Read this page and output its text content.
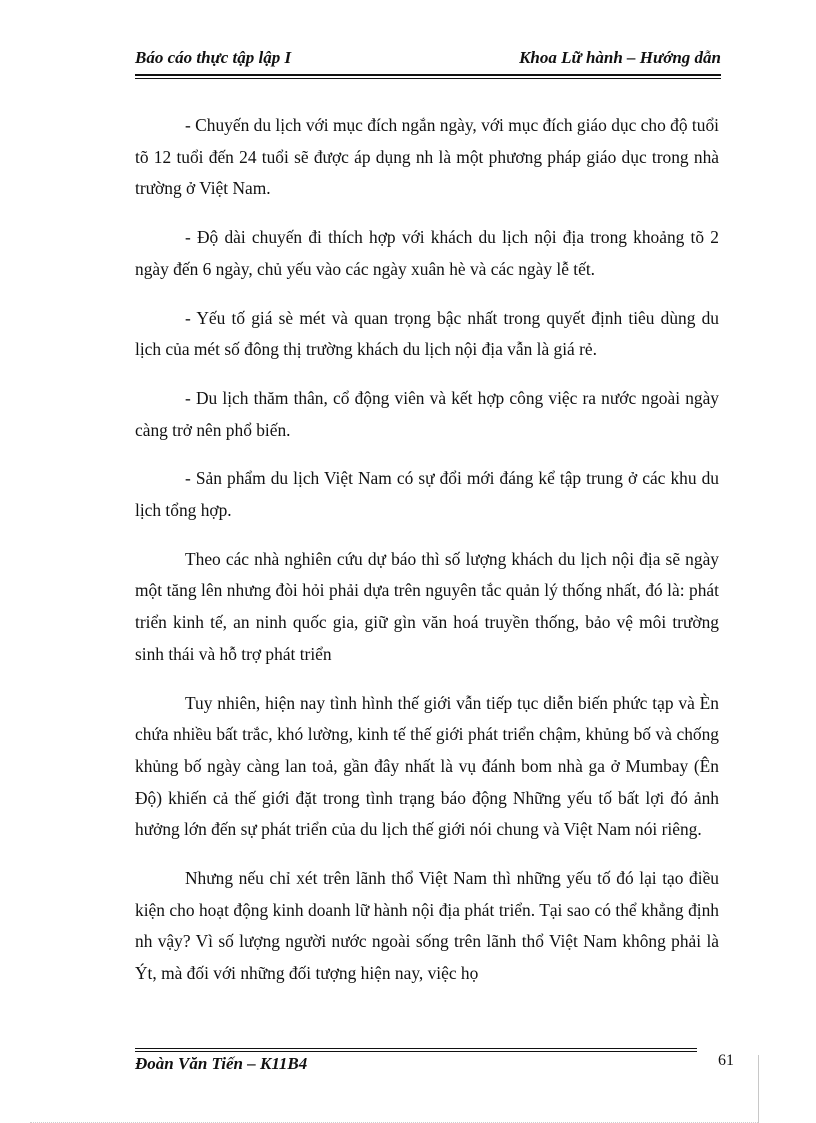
Báo cáo thực tập lập I	Khoa Lữ hành – Hướng dẫn

- Chuyến du lịch với mục đích ngắn ngày, với mục đích giáo dục cho độ tuổi tõ 12 tuổi đến 24 tuổi sẽ được áp dụng nh là một phương pháp giáo dục trong nhà trường ở Việt Nam.

- Độ dài chuyến đi thích hợp với khách du lịch nội địa trong khoảng tõ 2 ngày đến 6 ngày, chủ yếu vào các ngày xuân hè và các ngày lễ tết.

- Yếu tố giá sè mét và quan trọng bậc nhất trong quyết định tiêu dùng du lịch của mét số đông thị trường khách du lịch nội địa vẫn là giá rẻ.

- Du lịch thăm thân, cổ động viên và kết hợp công việc ra nước ngoài ngày càng trở nên phổ biến.

- Sản phẩm du lịch Việt Nam có sự đổi mới đáng kể tập trung ở các khu du lịch tổng hợp.

Theo các nhà nghiên cứu dự báo thì số lượng khách du lịch nội địa sẽ ngày một tăng lên nhưng đòi hỏi phải dựa trên nguyên tắc quản lý thống nhất, đó là: phát triển kinh tế, an ninh quốc gia, giữ gìn văn hoá truyền thống, bảo vệ môi trường sinh thái và hỗ trợ phát triển

Tuy nhiên, hiện nay tình hình thế giới vẫn tiếp tục diễn biến phức tạp và Èn chứa nhiều bất trắc, khó lường, kinh tế thế giới phát triển chậm, khủng bố và chống khủng bố ngày càng lan toả, gần đây nhất là vụ đánh bom nhà ga ở Mumbay (Ên Độ) khiến cả thế giới đặt trong tình trạng báo động Những yếu tố bất lợi đó ảnh hưởng lớn đến sự phát triển của du lịch thế giới nói chung và Việt Nam nói riêng.

Nhưng nếu chỉ xét trên lãnh thổ Việt Nam thì những yếu tố đó lại tạo điều kiện cho hoạt động kinh doanh lữ hành nội địa phát triển. Tại sao có thể khẳng định nh vậy? Vì số lượng người nước ngoài sống trên lãnh thổ Việt Nam không phải là Ýt, mà đối với những đối tượng hiện nay, việc họ

Đoàn Văn Tiến – K11B4	61
